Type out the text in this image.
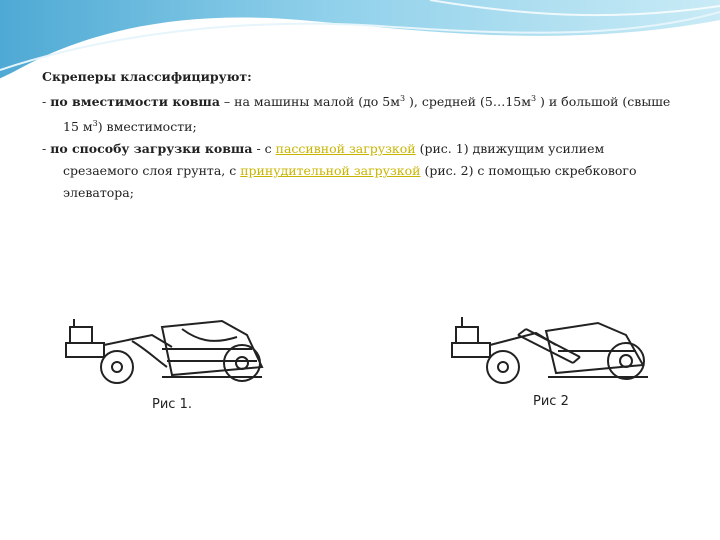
Скреперы классифицируют:

- по вместимости ковша – на машины малой (до $5м^3$ ), средней ($5\dots 15м^3$ ) и большой (свыше 15 $м^3$) вместимости;

- по способу загрузки ковша - с пассивной загрузкой (рис. 1) движущим усилием срезаемого слоя грунта, с принудительной загрузкой (рис. 2) с помощью скребкового элеватора;

Рис 1.	Рис 2
